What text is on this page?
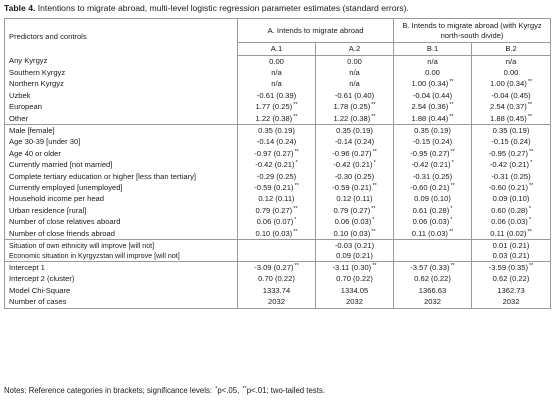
Table 4. Intentions to migrate abroad, multi-level logistic regression parameter estimates (standard errors).
Predictors and controls	A. Intends to migrate abroad		B. Intends to migrate abroad (with Kyrgyz north-south divide)	
	A.1	A.2	B.1	B.2
Any Kyrgyz	0.00	0.00	n/a	n/a
Southern Kyrgyz	n/a	n/a	0.00	0.00
Northern Kyrgyz	n/a	n/a	1.00 (0.34)**	1.00 (0.34)**
Uzbek	-0.61 (0.39)	-0.61 (0.40)	-0.04 (0.44)	-0.04 (0.45)
European	1.77 (0.25)**	1.78 (0.25)**	2.54 (0.36)**	2.54 (0.37)**
Other	1.22 (0.38)**	1.22 (0.38)**	1.88 (0.44)**	1.88 (0.45)**
Male [female]	0.35 (0.19)	0.35 (0.19)	0.35 (0.19)	0.35 (0.19)
Age 30-39 [under 30]	-0.14 (0.24)	-0.14 (0.24)	-0.15 (0.24)	-0.15 (0.24)
Age 40 or older	-0.97 (0.27)**	-0.96 (0.27)**	-0.95 (0.27)**	-0.95 (0.27)**
Currently married [not married]	-0.42 (0.21)*	-0.42 (0.21)*	-0.42 (0.21)*	-0.42 (0.21)*
Complete tertiary education or higher [less than tertiary]	-0.29 (0.25)	-0.30 (0.25)	-0.31 (0.25)	-0.31 (0.25)
Currently employed [unemployed]	-0.59 (0.21)**	-0.59 (0.21)**	-0.60 (0.21)**	-0.60 (0.21)**
Household income per head	0.12 (0.11)	0.12 (0.11)	0.09 (0.10)	0.09 (0.10)
Urban residence [rural]	0.79 (0.27)**	0.79 (0.27)**	0.61 (0.28)*	0.60 (0.28)*
Number of close relatives aboard	0.06 (0.07)*	0.06 (0.03)*	0.06 (0.03)*	0.06 (0.03)*
Number of close friends abroad	0.10 (0.03)**	0.10 (0.03)**	0.11 (0.03)**	0.11 (0.02)**
Situation of own ethnicity will improve [will not]		-0.03 (0.21)		0.01 (0.21)
Economic situation in Kyrgyzstan will improve [will not]		0.09 (0.21)		0.03 (0.21)
Intercept 1	-3.09 (0.27)**	-3.11 (0.30)**	-3.57 (0.33)**	-3.59 (0.35)**
Intercept 2 (cluster)	0.70 (0.22)	0.70 (0.22)	0.62 (0.22)	0.62 (0.22)
Model Chi-Square	1333.74	1334.05	1366.63	1362.73
Number of cases	2032	2032	2032	2032
Notes: Reference categories in brackets; significance levels: *p<.05, **p<.01; two-tailed tests.
